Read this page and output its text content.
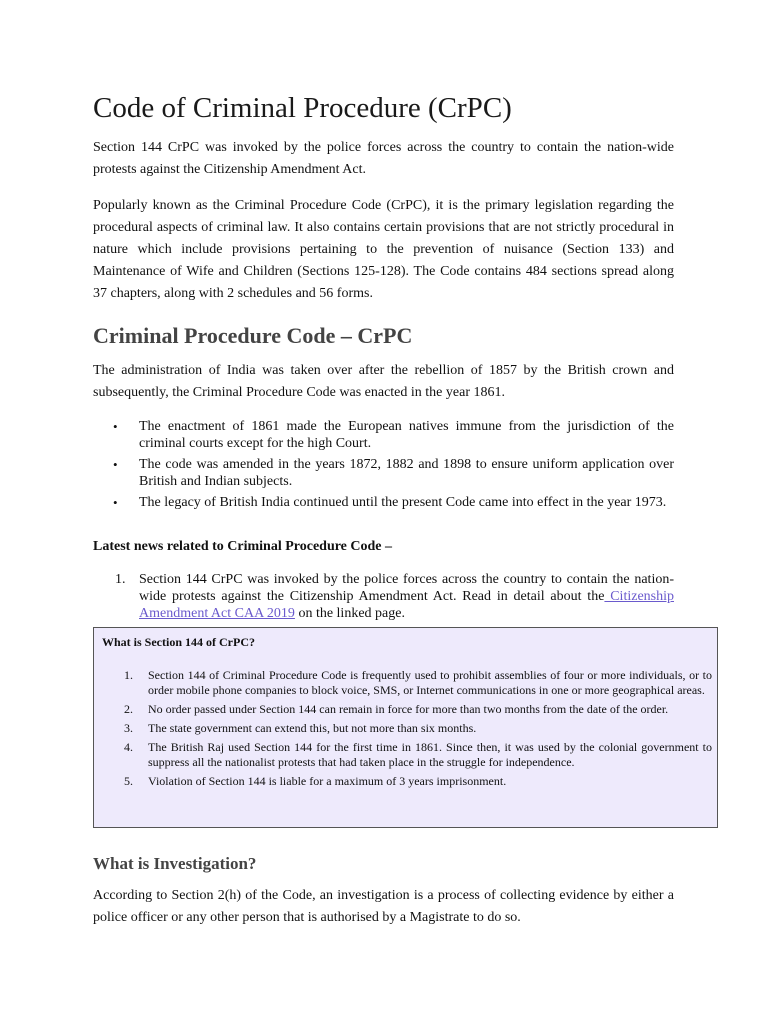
Code of Criminal Procedure (CrPC)

Section 144 CrPC was invoked by the police forces across the country to contain the nation-wide protests against the Citizenship Amendment Act.

Popularly known as the Criminal Procedure Code (CrPC), it is the primary legislation regarding the procedural aspects of criminal law. It also contains certain provisions that are not strictly procedural in nature which include provisions pertaining to the prevention of nuisance (Section 133) and Maintenance of Wife and Children (Sections 125-128). The Code contains 484 sections spread along 37 chapters, along with 2 schedules and 56 forms.

Criminal Procedure Code – CrPC

The administration of India was taken over after the rebellion of 1857 by the British crown and subsequently, the Criminal Procedure Code was enacted in the year 1861.

• The enactment of 1861 made the European natives immune from the jurisdiction of the criminal courts except for the high Court.
• The code was amended in the years 1872, 1882 and 1898 to ensure uniform application over British and Indian subjects.
• The legacy of British India continued until the present Code came into effect in the year 1973.

Latest news related to Criminal Procedure Code –

1. Section 144 CrPC was invoked by the police forces across the country to contain the nation-wide protests against the Citizenship Amendment Act. Read in detail about the Citizenship Amendment Act CAA 2019 on the linked page.

What is Section 144 of CrPC?

1. Section 144 of Criminal Procedure Code is frequently used to prohibit assemblies of four or more individuals, or to order mobile phone companies to block voice, SMS, or Internet communications in one or more geographical areas.
2. No order passed under Section 144 can remain in force for more than two months from the date of the order.
3. The state government can extend this, but not more than six months.
4. The British Raj used Section 144 for the first time in 1861. Since then, it was used by the colonial government to suppress all the nationalist protests that had taken place in the struggle for independence.
5. Violation of Section 144 is liable for a maximum of 3 years imprisonment.
What is Investigation?

According to Section 2(h) of the Code, an investigation is a process of collecting evidence by either a police officer or any other person that is authorised by a Magistrate to do so.
